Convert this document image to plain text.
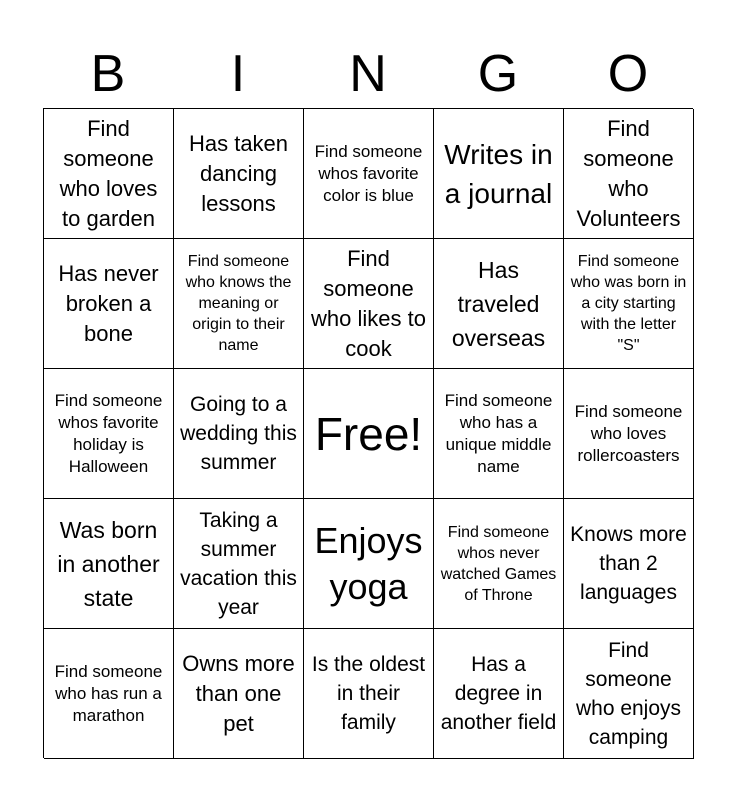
B	I	N	G	O
Find someone who loves to garden
Has taken dancing lessons
Find someone whos favorite color is blue
Writes in a journal
Find someone who Volunteers
Has never broken a bone
Find someone who knows the meaning or origin to their name
Find someone who likes to cook
Has traveled overseas
Find someone who was born in a city starting with the letter "S"
Find someone whos favorite holiday is Halloween
Going to a wedding this summer
Free!
Find someone who has a unique middle name
Find someone who loves rollercoasters
Was born in another state
Taking a summer vacation this year
Enjoys yoga
Find someone whos never watched Games of Throne
Knows more than 2 languages
Find someone who has run a marathon
Owns more than one pet
Is the oldest in their family
Has a degree in another field
Find someone who enjoys camping
